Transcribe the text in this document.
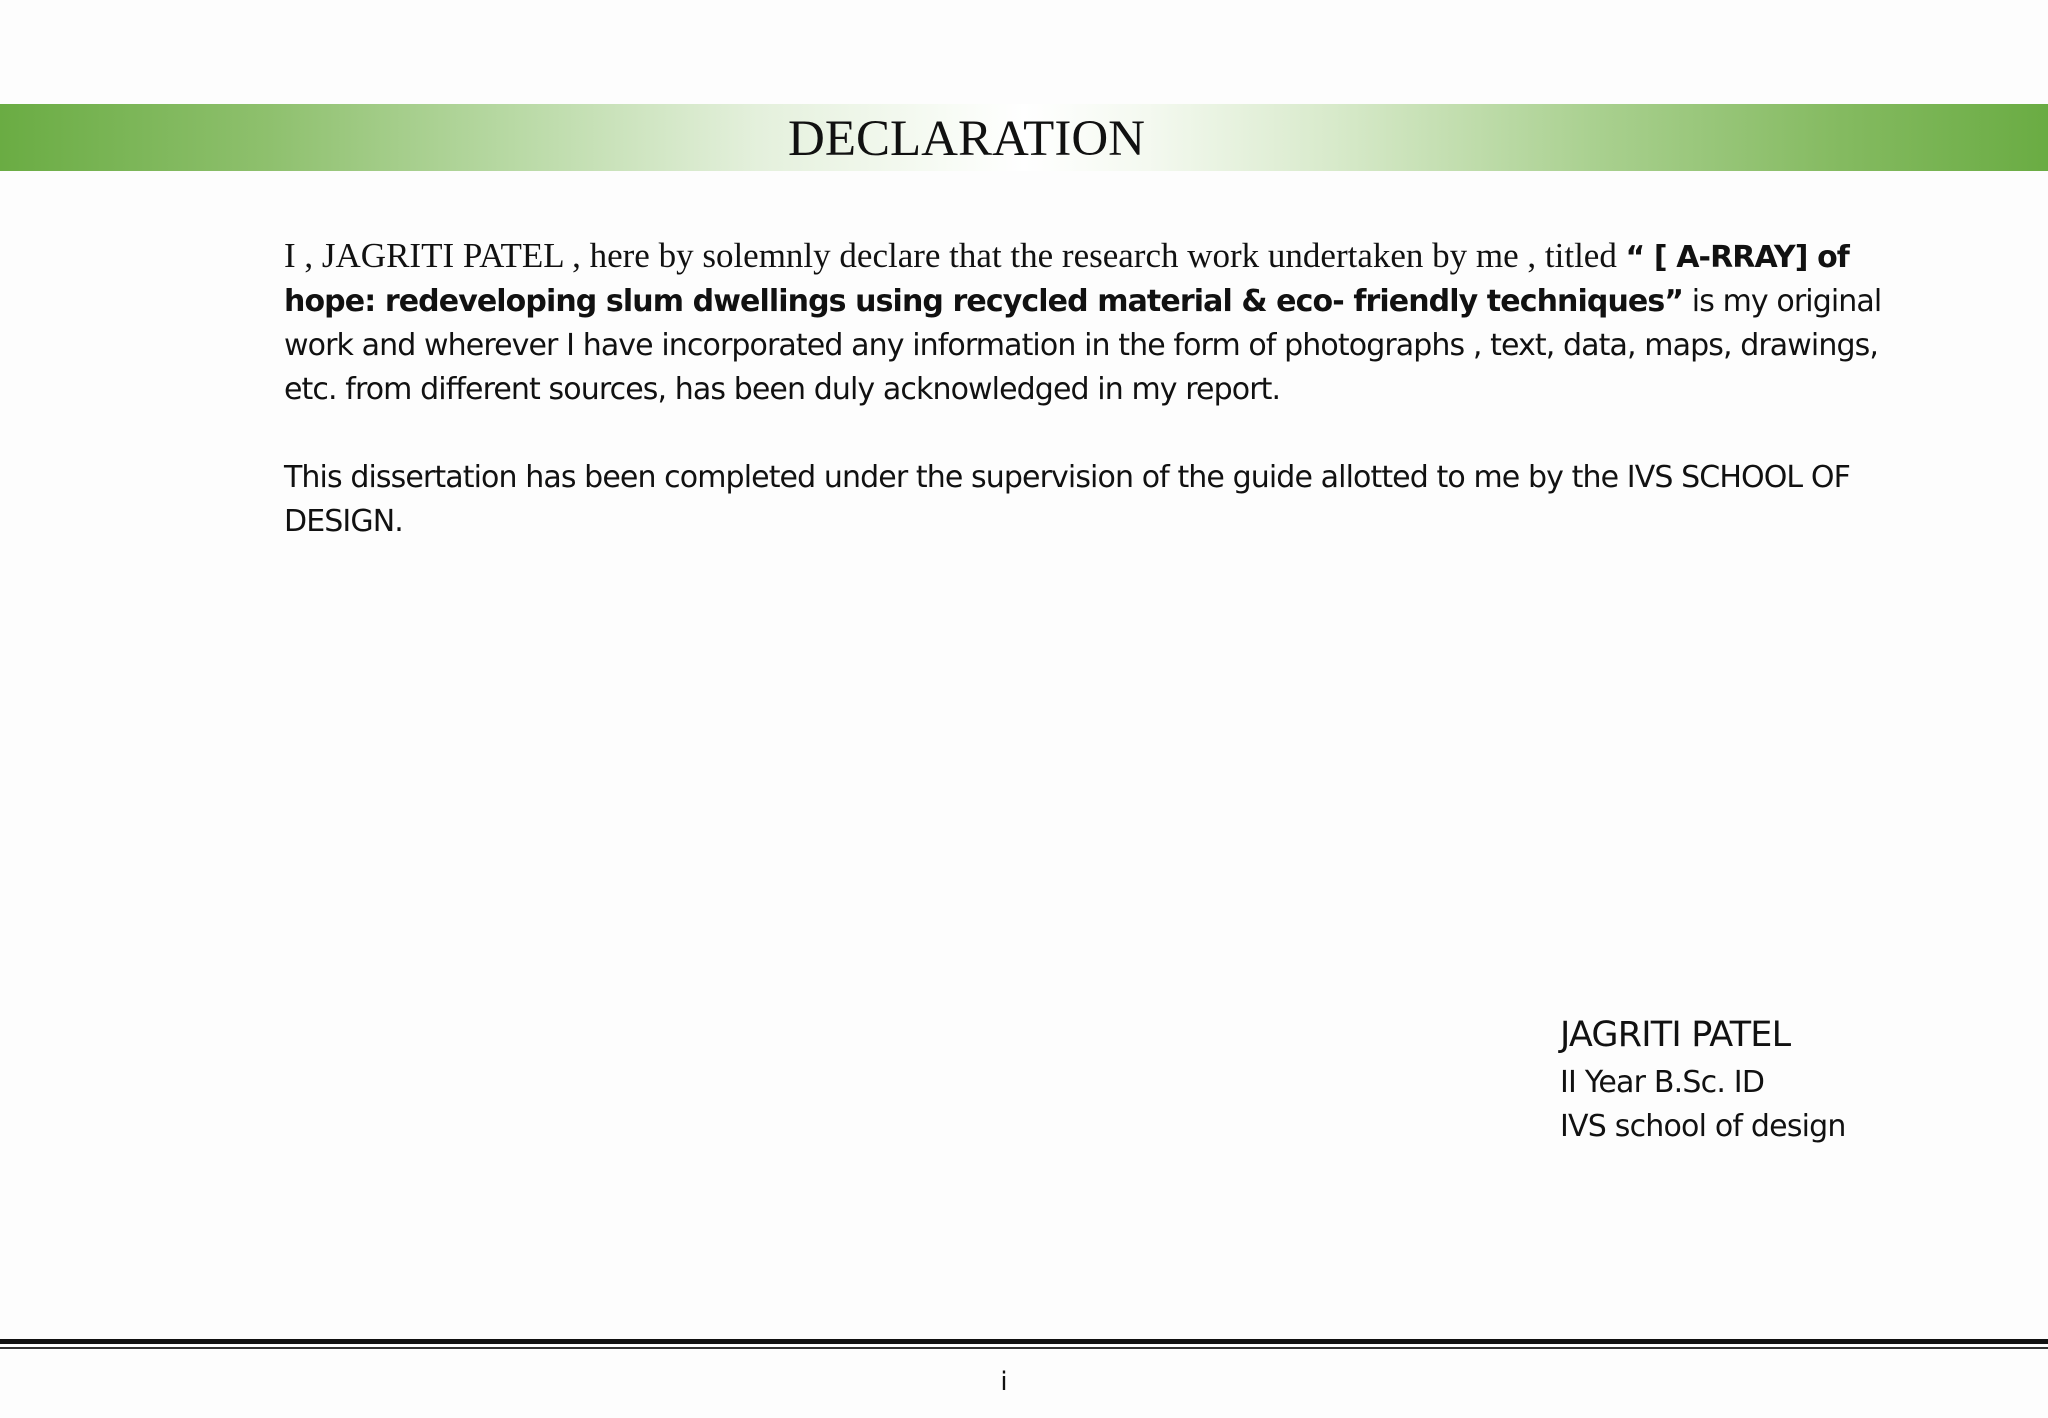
DECLARATION

I , JAGRITI PATEL , here by solemnly declare that the research work undertaken by me , titled “ [ A-RRAY] of hope: redeveloping slum dwellings using recycled material & eco- friendly techniques” is my original work and wherever I have incorporated any information in the form of photographs , text, data, maps, drawings, etc. from different sources, has been duly acknowledged in my report.

This dissertation has been completed under the supervision of the guide allotted to me by the IVS SCHOOL OF DESIGN.

JAGRITI PATEL
II Year B.Sc. ID
IVS school of design
i
